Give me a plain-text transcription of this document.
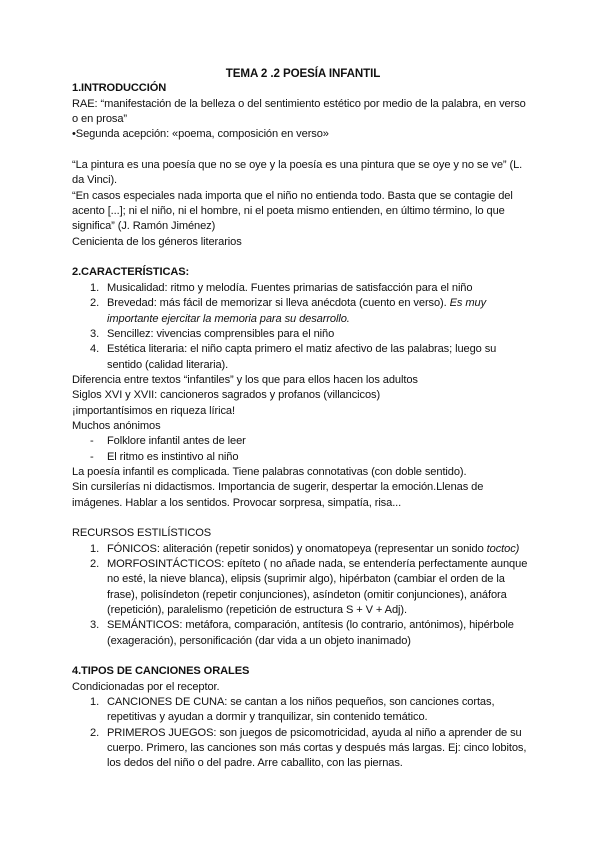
TEMA 2 .2 POESÍA INFANTIL

1.INTRODUCCIÓN

RAE: “manifestación de la belleza o del sentimiento estético por medio de la palabra, en verso o en prosa”

•Segunda acepción: «poema, composición en verso»

“La pintura es una poesía que no se oye y la poesía es una pintura que se oye y no se ve” (L. da Vinci).

“En casos especiales nada importa que el niño no entienda todo. Basta que se contagie del acento [...]; ni el niño, ni el hombre, ni el poeta mismo entienden, en último término, lo que significa” (J. Ramón Jiménez)

Cenicienta de los géneros literarios

2.CARACTERÍSTICAS:
1. Musicalidad: ritmo y melodía. Fuentes primarias de satisfacción para el niño
2. Brevedad: más fácil de memorizar si lleva anécdota (cuento en verso). Es muy importante ejercitar la memoria para su desarrollo.
3. Sencillez: vivencias comprensibles para el niño
4. Estética literaria: el niño capta primero el matiz afectivo de las palabras; luego su sentido (calidad literaria).

Diferencia entre textos “infantiles” y los que para ellos hacen los adultos

Siglos XVI y XVII: cancioneros sagrados y profanos (villancicos)

¡importantísimos en riqueza lírica!

Muchos anónimos

- Folklore infantil antes de leer
- El ritmo es instintivo al niño

La poesía infantil es complicada. Tiene palabras connotativas (con doble sentido).

Sin cursilerías ni didactismos. Importancia de sugerir, despertar la emoción.Llenas de imágenes. Hablar a los sentidos. Provocar sorpresa, simpatía, risa...

RECURSOS ESTILÍSTICOS

1. FÓNICOS: aliteración (repetir sonidos) y onomatopeya (representar un sonido toctoc)
2. MORFOSINTÁCTICOS: epíteto ( no añade nada, se entendería perfectamente aunque no esté, la nieve blanca), elipsis (suprimir algo), hipérbaton (cambiar el orden de la frase), polisíndeton (repetir conjunciones), asíndeton (omitir conjunciones), anáfora (repetición), paralelismo (repetición de estructura S + V + Adj).
3. SEMÁNTICOS: metáfora, comparación, antítesis (lo contrario, antónimos), hipérbole (exageración), personificación (dar vida a un objeto inanimado)
4.TIPOS DE CANCIONES ORALES

Condicionadas por el receptor.

1. CANCIONES DE CUNA: se cantan a los niños pequeños, son canciones cortas, repetitivas y ayudan a dormir y tranquilizar, sin contenido temático.
2. PRIMEROS JUEGOS: son juegos de psicomotricidad, ayuda al niño a aprender de su cuerpo. Primero, las canciones son más cortas y después más largas. Ej: cinco lobitos, los dedos del niño o del padre. Arre caballito, con las piernas.
